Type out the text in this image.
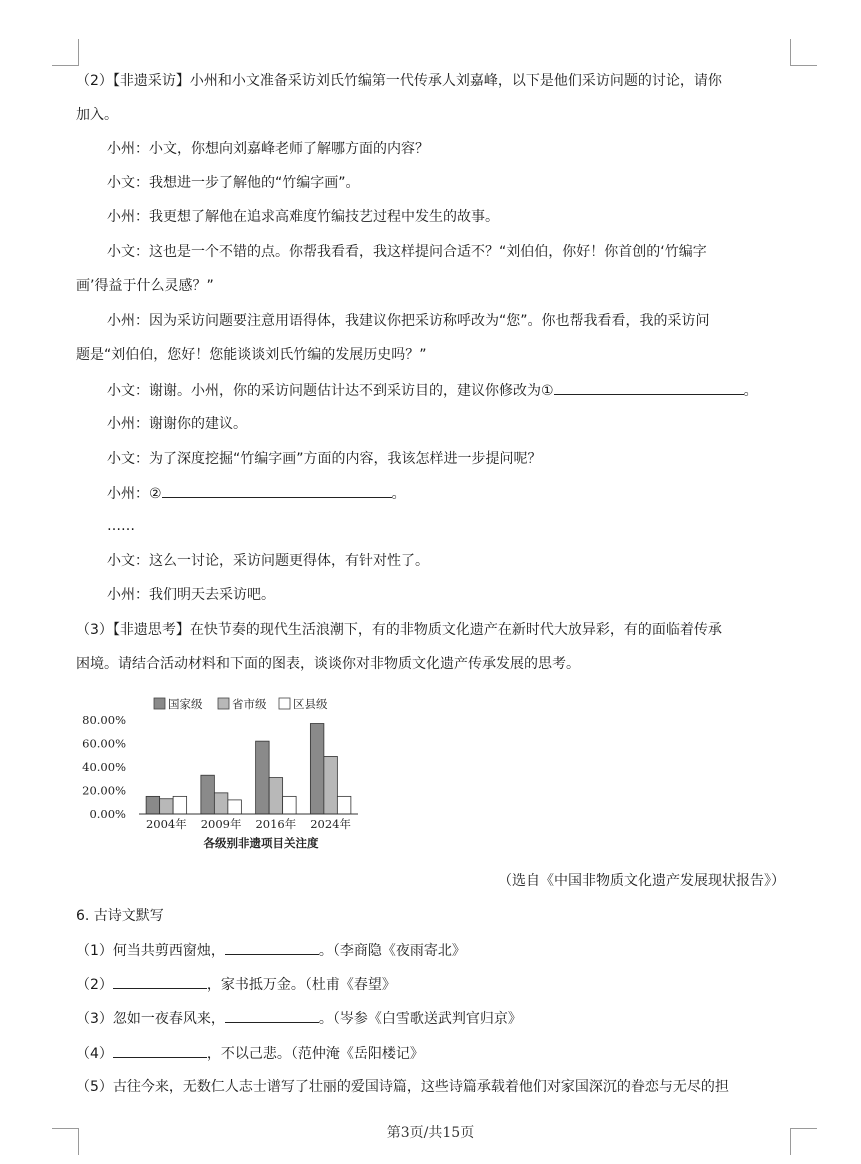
（2）【非遗采访】小州和小文准备采访刘氏竹编第一代传承人刘嘉峰，以下是他们采访问题的讨论，请你
加入。
小州：小文，你想向刘嘉峰老师了解哪方面的内容？
小文：我想进一步了解他的“竹编字画”。
小州：我更想了解他在追求高难度竹编技艺过程中发生的故事。
小文：这也是一个不错的点。你帮我看看，我这样提问合适不？“刘伯伯，你好！你首创的‘竹编字
画’得益于什么灵感？”
小州：因为采访问题要注意用语得体，我建议你把采访称呼改为“您”。你也帮我看看，我的采访问
题是“刘伯伯，您好！您能谈谈刘氏竹编的发展历史吗？”
小文：谢谢。小州，你的采访问题估计达不到采访目的，建议你修改为①	。
小州：谢谢你的建议。
小文：为了深度挖掘“竹编字画”方面的内容，我该怎样进一步提问呢？
小州：②	。
……
小文：这么一讨论，采访问题更得体，有针对性了。
小州：我们明天去采访吧。
（3）【非遗思考】在快节奏的现代生活浪潮下，有的非物质文化遗产在新时代大放异彩，有的面临着传承
困境。请结合活动材料和下面的图表，谈谈你对非物质文化遗产传承发展的思考。
国家级	省市级 区县级
0.00%
20.00%
40.00%
60.00%
80.00%
2004年 2009年 2016年 2024年
各级别非遗项目关注度
（选自《中国非物质文化遗产发展现状报告》）
6. 古诗文默写
（1）何当共剪西窗烛，	。（李商隐《夜雨寄北》
（2）	，家书抵万金。（杜甫《春望》
（3）忽如一夜春风来，	。（岑参《白雪歌送武判官归京》
（4）	，不以己悲。（范仲淹《岳阳楼记》
（5）古往今来，无数仁人志士谱写了壮丽的爱国诗篇，这些诗篇承载着他们对家国深沉的眷恋与无尽的担
第3页/共15页
